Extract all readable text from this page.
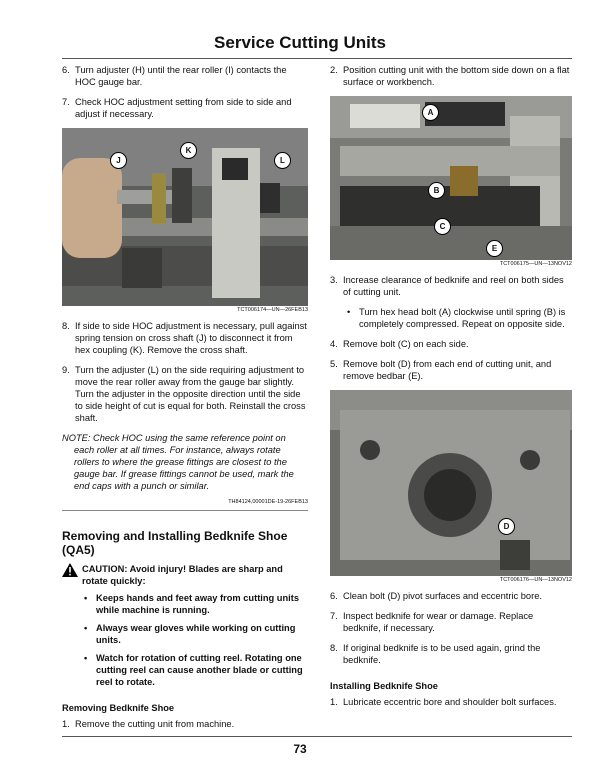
Service Cutting Units
6. Turn adjuster (H) until the rear roller (I) contacts the HOC gauge bar.
7. Check HOC adjustment setting from side to side and adjust if necessary.
J
K
L
TCT006174—UN—26FEB13
8. If side to side HOC adjustment is necessary, pull against spring tension on cross shaft (J) to disconnect it from hex coupling (K). Remove the cross shaft.
9. Turn the adjuster (L) on the side requiring adjustment to move the rear roller away from the gauge bar slightly. Turn the adjuster in the opposite direction until the side to side height of cut is equal for both. Reinstall the cross shaft.
NOTE: Check HOC using the same reference point on
each roller at all times. For instance, always rotate rollers to where the grease fittings are closest to the gauge bar. If grease fittings cannot be used, mark the end caps with a punch or similar.
TH84124,00001DE-19-26FEB13
Removing and Installing Bedknife Shoe (QA5)
CAUTION: Avoid injury! Blades are sharp and rotate quickly:
• Keeps hands and feet away from cutting units while machine is running.
• Always wear gloves while working on cutting units.
• Watch for rotation of cutting reel. Rotating one cutting reel can cause another blade or cutting reel to rotate.
Removing Bedknife Shoe
1. Remove the cutting unit from machine.
2. Position cutting unit with the bottom side down on a flat surface or workbench.
A
B
C
E
TCT006175—UN—13NOV12
3. Increase clearance of bedknife and reel on both sides of cutting unit.
• Turn hex head bolt (A) clockwise until spring (B) is completely compressed. Repeat on opposite side.
4. Remove bolt (C) on each side.
5. Remove bolt (D) from each end of cutting unit, and remove bedbar (E).
D
TCT006176—UN—13NOV12
6. Clean bolt (D) pivot surfaces and eccentric bore.
7. Inspect bedknife for wear or damage. Replace bedknife, if necessary.
8. If original bedknife is to be used again, grind the bedknife.
Installing Bedknife Shoe
1. Lubricate eccentric bore and shoulder bolt surfaces.
73
